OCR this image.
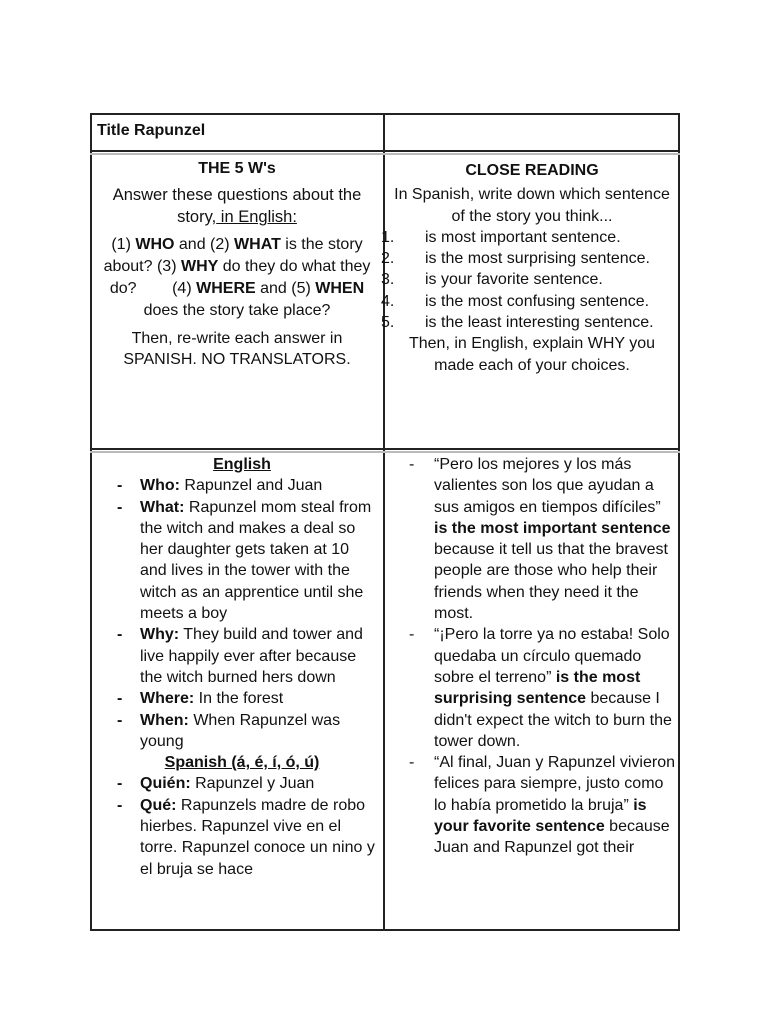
Title Rapunzel
THE 5 W's
Answer these questions about the story, in English:
(1) WHO and (2) WHAT is the story about? (3) WHY do they do what they do?        (4) WHERE and (5) WHEN does the story take place?
Then, re-write each answer in SPANISH. NO TRANSLATORS.
CLOSE READING
In Spanish, write down which sentence of the story you think...
1. is most important sentence.
2. is the most surprising sentence.
3. is your favorite sentence.
4. is the most confusing sentence.
5. is the least interesting sentence.
Then, in English, explain WHY you made each of your choices.
English
- Who: Rapunzel and Juan
- What: Rapunzel mom steal from the witch and makes a deal so her daughter gets taken at 10 and lives in the tower with the witch as an apprentice until she meets a boy
- Why: They build and tower and live happily ever after because the witch burned hers down
- Where: In the forest
- When: When Rapunzel was young
Spanish (á, é, í, ó, ú)
- Quién: Rapunzel y Juan
- Qué: Rapunzels madre de robo hierbes. Rapunzel vive en el torre. Rapunzel conoce un nino y el bruja se hace
- “Pero los mejores y los más valientes son los que ayudan a sus amigos en tiempos difíciles” is the most important sentence because it tell us that the bravest people are those who help their friends when they need it the most.
- “¡Pero la torre ya no estaba! Solo quedaba un círculo quemado sobre el terreno” is the most surprising sentence because I didn't expect the witch to burn the tower down.
- “Al final, Juan y Rapunzel vivieron felices para siempre, justo como lo había prometido la bruja” is your favorite sentence because Juan and Rapunzel got their
